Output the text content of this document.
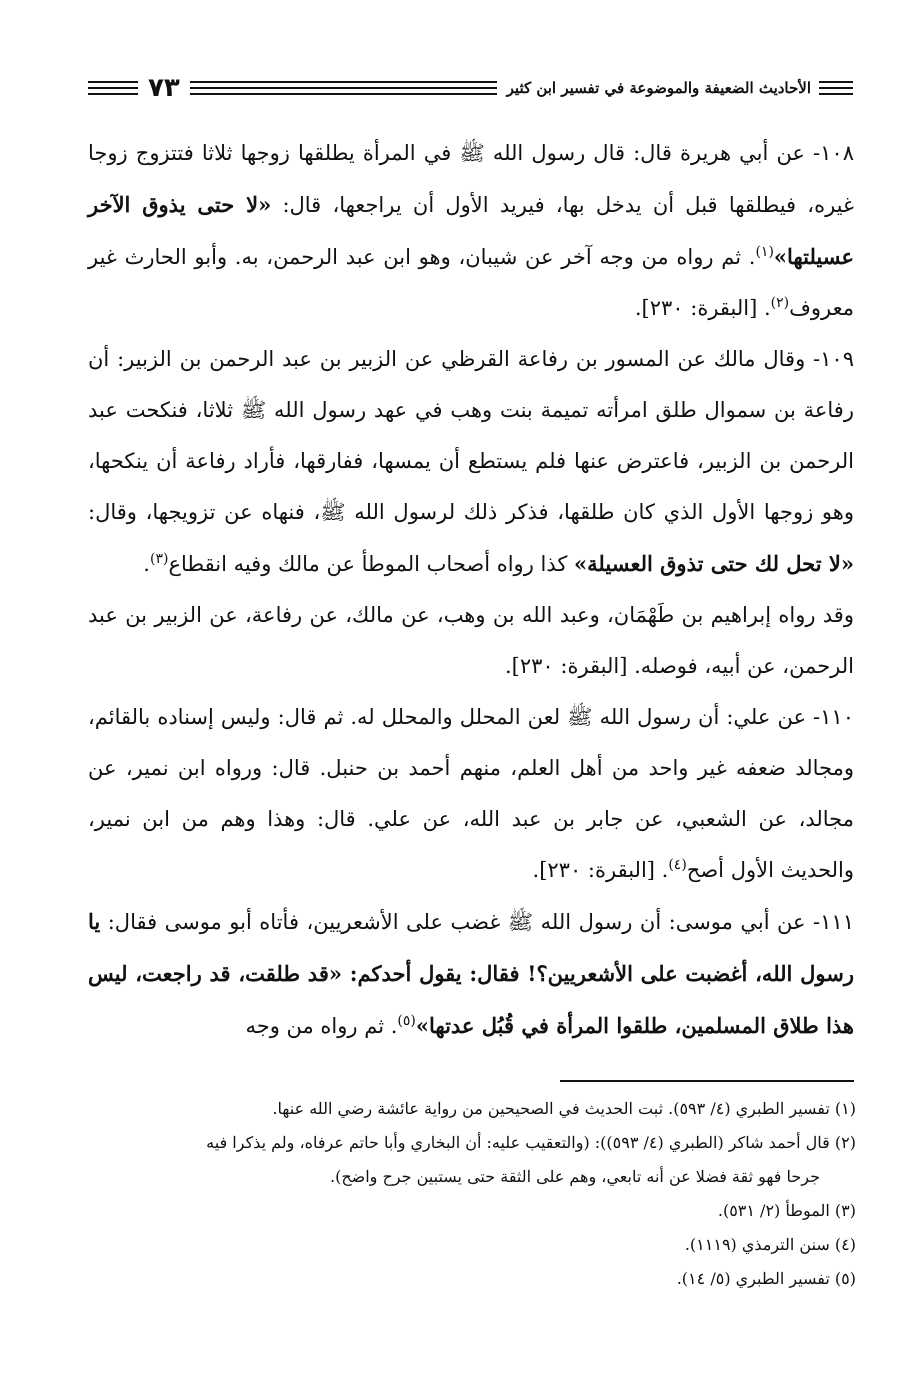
الأحاديث الضعيفة والموضوعة في تفسير ابن كثير
٧٣

١٠٨- عن أبي هريرة قال: قال رسول الله ﷺ في المرأة يطلقها زوجها ثلاثا فتتزوج زوجا غيره، فيطلقها قبل أن يدخل بها، فيريد الأول أن يراجعها، قال: «لا حتى يذوق الآخر عسيلتها»$^{(١)}$. ثم رواه من وجه آخر عن شيبان، وهو ابن عبد الرحمن، به. وأبو الحارث غير معروف$^{(٢)}$. [البقرة: ٢٣٠].

١٠٩- وقال مالك عن المسور بن رفاعة القرظي عن الزبير بن عبد الرحمن بن الزبير: أن رفاعة بن سموال طلق امرأته تميمة بنت وهب في عهد رسول الله ﷺ ثلاثا، فنكحت عبد الرحمن بن الزبير، فاعترض عنها فلم يستطع أن يمسها، ففارقها، فأراد رفاعة أن ينكحها، وهو زوجها الأول الذي كان طلقها، فذكر ذلك لرسول الله ﷺ، فنهاه عن تزويجها، وقال: «لا تحل لك حتى تذوق العسيلة» كذا رواه أصحاب الموطأ عن مالك وفيه انقطاع$^{(٣)}$.

وقد رواه إبراهيم بن طَهْمَان، وعبد الله بن وهب، عن مالك، عن رفاعة، عن الزبير بن عبد الرحمن، عن أبيه، فوصله. [البقرة: ٢٣٠].

١١٠- عن علي: أن رسول الله ﷺ لعن المحلل والمحلل له. ثم قال: وليس إسناده بالقائم، ومجالد ضعفه غير واحد من أهل العلم، منهم أحمد بن حنبل. قال: ورواه ابن نمير، عن مجالد، عن الشعبي، عن جابر بن عبد الله، عن علي. قال: وهذا وهم من ابن نمير، والحديث الأول أصح$^{(٤)}$. [البقرة: ٢٣٠].

١١١- عن أبي موسى: أن رسول الله ﷺ غضب على الأشعريين، فأتاه أبو موسى فقال: يا رسول الله، أغضبت على الأشعريين؟! فقال: يقول أحدكم: «قد طلقت، قد راجعت، ليس هذا طلاق المسلمين، طلقوا المرأة في قُبُل عدتها»$^{(٥)}$. ثم رواه من وجه

(١) تفسير الطبري (٤/ ٥٩٣). ثبت الحديث في الصحيحين من رواية عائشة رضي الله عنها.

(٢) قال أحمد شاكر (الطبري (٤/ ٥٩٣)): (والتعقيب عليه: أن البخاري وأبا حاتم عرفاه، ولم يذكرا فيه

جرحا فهو ثقة فضلا عن أنه تابعي، وهم على الثقة حتى يستبين جرح واضح).

(٣) الموطأ (٢/ ٥٣١).

(٤) سنن الترمذي (١١١٩).

(٥) تفسير الطبري (٥/ ١٤).
